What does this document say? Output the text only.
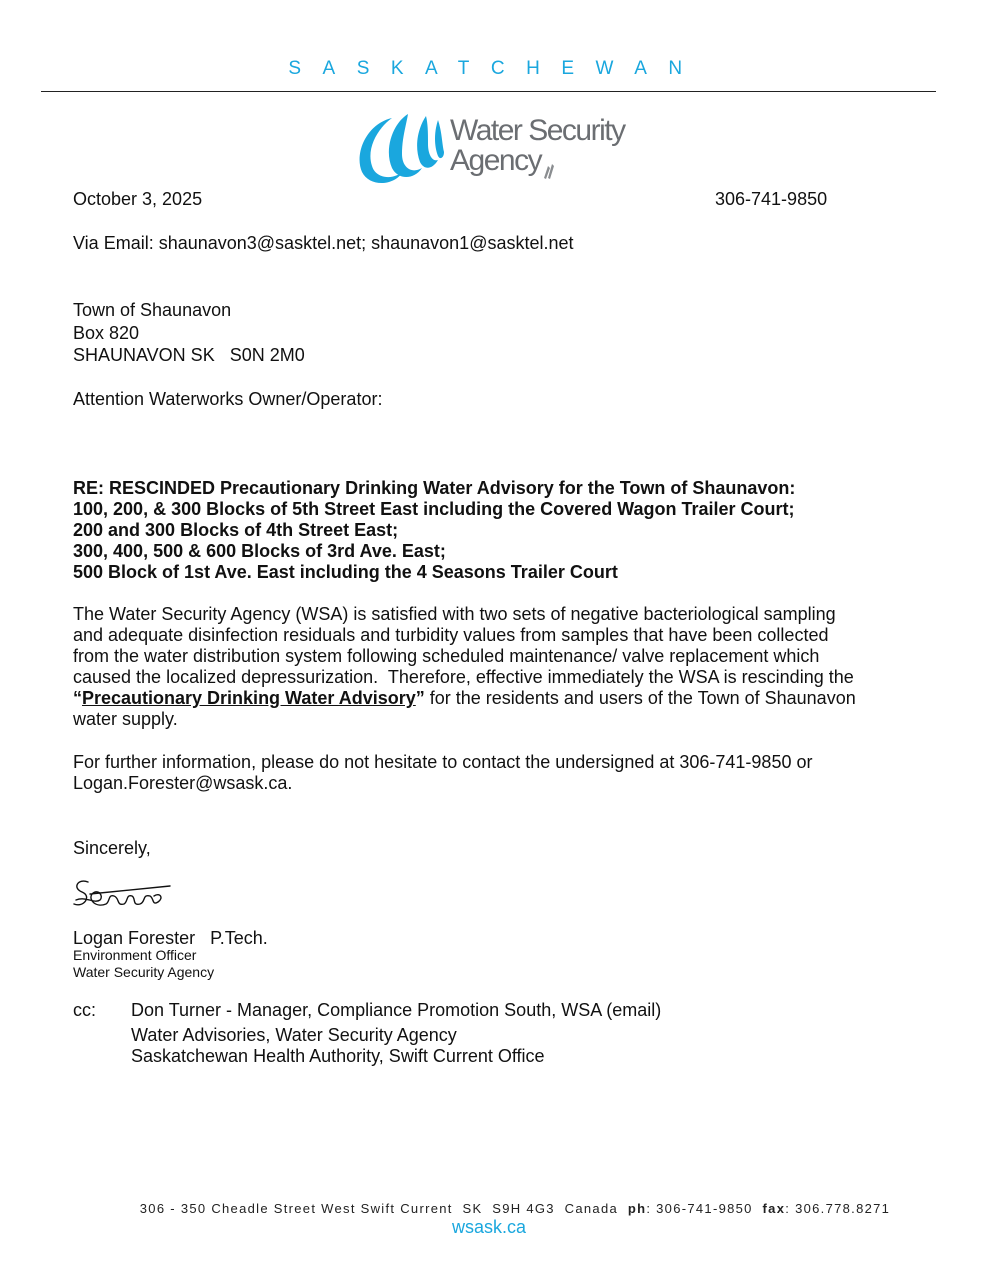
SASKATCHEWAN
Water Security
Agency
October 3, 2025	306-741-9850
Via Email: shaunavon3@sasktel.net; shaunavon1@sasktel.net
Town of Shaunavon
Box 820
SHAUNAVON SK   S0N 2M0
Attention Waterworks Owner/Operator:
RE: RESCINDED Precautionary Drinking Water Advisory for the Town of Shaunavon:
100, 200, & 300 Blocks of 5th Street East including the Covered Wagon Trailer Court;
200 and 300 Blocks of 4th Street East;
300, 400, 500 & 600 Blocks of 3rd Ave. East;
500 Block of 1st Ave. East including the 4 Seasons Trailer Court
The Water Security Agency (WSA) is satisfied with two sets of negative bacteriological sampling
and adequate disinfection residuals and turbidity values from samples that have been collected
from the water distribution system following scheduled maintenance/ valve replacement which
caused the localized depressurization.  Therefore, effective immediately the WSA is rescinding the
“Precautionary Drinking Water Advisory” for the residents and users of the Town of Shaunavon
water supply.
For further information, please do not hesitate to contact the undersigned at 306-741-9850 or
Logan.Forester@wsask.ca.
Sincerely,
Logan Forester   P.Tech.
Environment Officer
Water Security Agency
cc: Don Turner - Manager, Compliance Promotion South, WSA (email)
Water Advisories, Water Security Agency
Saskatchewan Health Authority, Swift Current Office
306 - 350 Cheadle Street West Swift Current  SK  S9H 4G3  Canada ph: 306-741-9850 fax: 306.778.8271
wsask.ca
